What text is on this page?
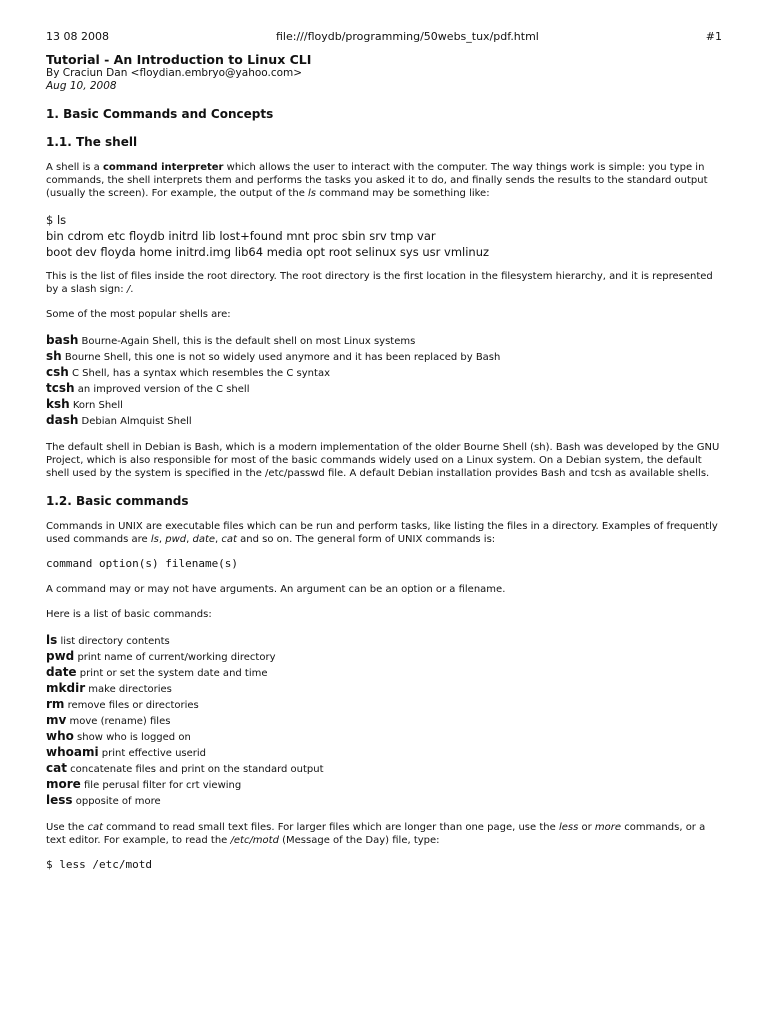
13 08 2008	file:///floydb/programming/50webs_tux/pdf.html	#1
Tutorial - An Introduction to Linux CLI
By Craciun Dan <floydian.embryo@yahoo.com>
Aug 10, 2008
1. Basic Commands and Concepts
1.1. The shell

A shell is a command interpreter which allows the user to interact with the computer. The way things work is simple: you type in commands, the shell interprets them and performs the tasks you asked it to do, and finally sends the results to the standard output (usually the screen). For example, the output of the ls command may be something like:

$ ls
bin cdrom etc floydb initrd lib lost+found mnt proc sbin srv tmp var
boot dev floyda home initrd.img lib64 media opt root selinux sys usr vmlinuz

This is the list of files inside the root directory. The root directory is the first location in the filesystem hierarchy, and it is represented by a slash sign: /.

Some of the most popular shells are:

bash Bourne-Again Shell, this is the default shell on most Linux systems
sh Bourne Shell, this one is not so widely used anymore and it has been replaced by Bash
csh C Shell, has a syntax which resembles the C syntax
tcsh an improved version of the C shell
ksh Korn Shell
dash Debian Almquist Shell

The default shell in Debian is Bash, which is a modern implementation of the older Bourne Shell (sh). Bash was developed by the GNU Project, which is also responsible for most of the basic commands widely used on a Linux system. On a Debian system, the default shell used by the system is specified in the /etc/passwd file. A default Debian installation provides Bash and tcsh as available shells.

1.2. Basic commands

Commands in UNIX are executable files which can be run and perform tasks, like listing the files in a directory. Examples of frequently used commands are ls, pwd, date, cat and so on. The general form of UNIX commands is:

command option(s) filename(s)

A command may or may not have arguments. An argument can be an option or a filename.

Here is a list of basic commands:

ls list directory contents
pwd print name of current/working directory
date print or set the system date and time
mkdir make directories
rm remove files or directories
mv move (rename) files
who show who is logged on
whoami print effective userid
cat concatenate files and print on the standard output
more file perusal filter for crt viewing
less opposite of more

Use the cat command to read small text files. For larger files which are longer than one page, use the less or more commands, or a text editor. For example, to read the /etc/motd (Message of the Day) file, type:

$ less /etc/motd
